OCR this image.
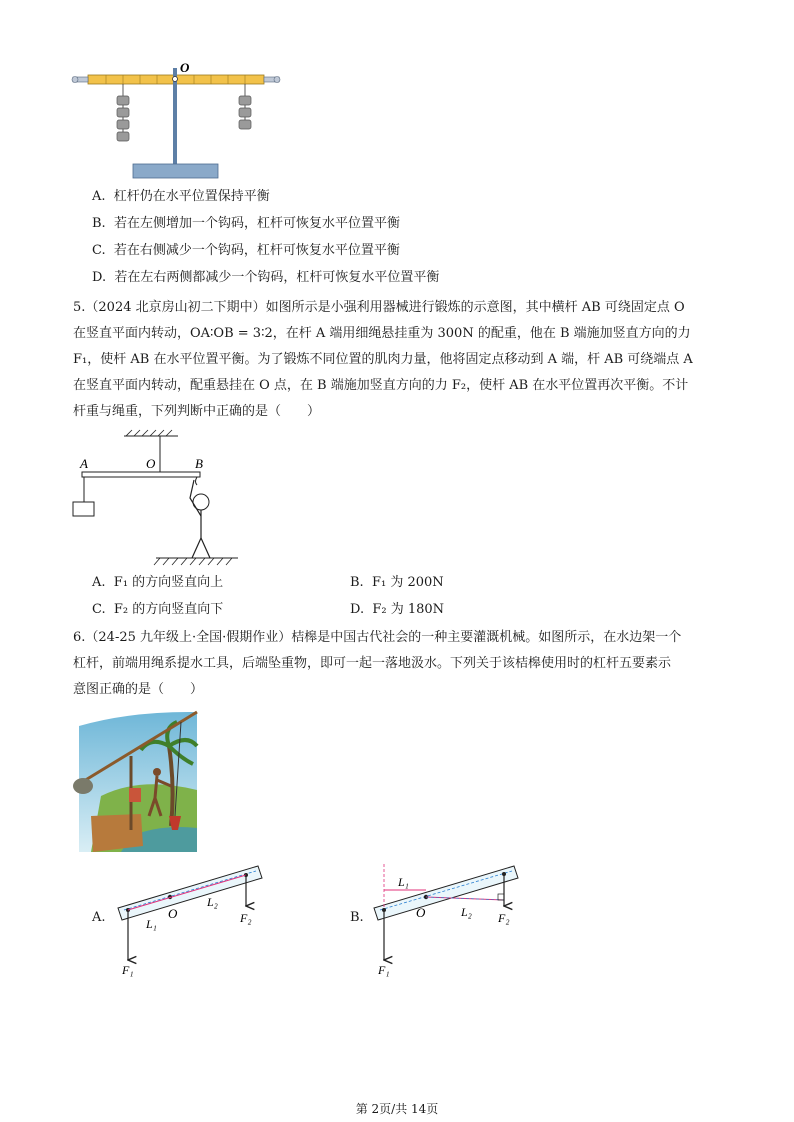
O
A. 杠杆仍在水平位置保持平衡
B. 若在左侧增加一个钩码，杠杆可恢复水平位置平衡
C. 若在右侧减少一个钩码，杠杆可恢复水平位置平衡
D. 若在左右两侧都减少一个钩码，杠杆可恢复水平位置平衡
5.（2024 北京房山初二下期中）如图所示是小强利用器械进行锻炼的示意图，其中横杆 AB 可绕固定点 O
在竖直平面内转动，OA∶OB = 3∶2，在杆 A 端用细绳悬挂重为 300N 的配重，他在 B 端施加竖直方向的力
F₁，使杆 AB 在水平位置平衡。为了锻炼不同位置的肌肉力量，他将固定点移动到 A 端，杆 AB 可绕端点 A
在竖直平面内转动，配重悬挂在 O 点，在 B 端施加竖直方向的力 F₂，使杆 AB 在水平位置再次平衡。不计
杆重与绳重，下列判断中正确的是（　　）
A	O	B
A. F₁ 的方向竖直向上	B. F₁ 为 200N
C. F₂ 的方向竖直向下	D. F₂ 为 180N
6.（24-25 九年级上·全国·假期作业）桔槔是中国古代社会的一种主要灌溉机械。如图所示，在水边架一个
杠杆，前端用绳系提水工具，后端坠重物，即可一起一落地汲水。下列关于该桔槔使用时的杠杆五要素示
意图正确的是（　　）
A.	O
L₁
L₂
F₁
F₂	B.	O
L₁
L₂
F₁
F₂
第 2页/共 14页
